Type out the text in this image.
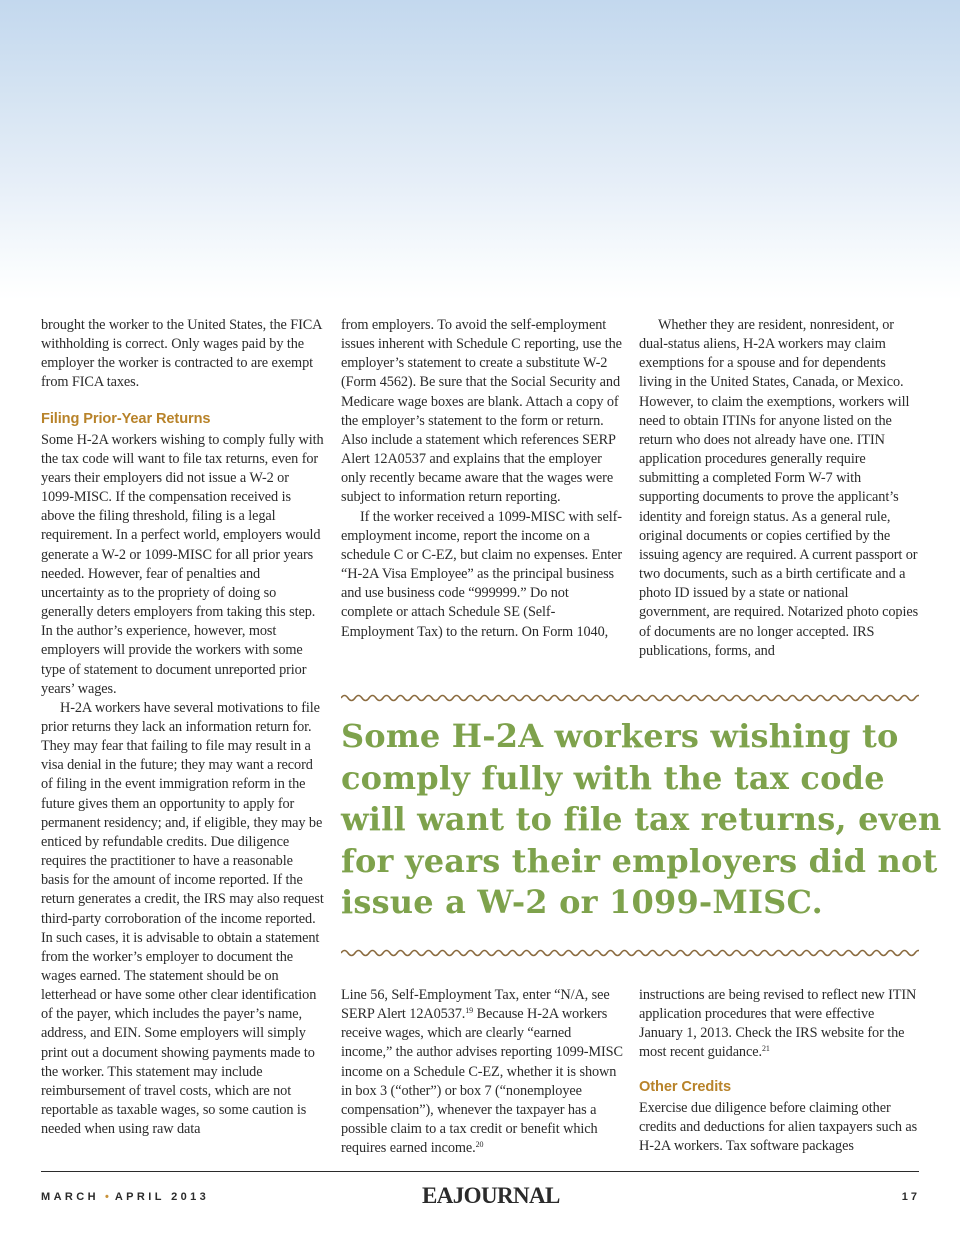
brought the worker to the United States, the FICA withholding is correct. Only wages paid by the employer the worker is contracted to are exempt from FICA taxes.

Filing Prior-Year Returns

Some H-2A workers wishing to comply fully with the tax code will want to file tax returns, even for years their employers did not issue a W-2 or 1099-MISC. If the compensation received is above the filing threshold, filing is a legal requirement. In a perfect world, employers would generate a W-2 or 1099-MISC for all prior years needed. However, fear of penalties and uncertainty as to the propriety of doing so generally deters employers from taking this step. In the author’s experience, however, most employers will provide the workers with some type of statement to document unreported prior years’ wages.

H-2A workers have several motivations to file prior returns they lack an information return for. They may fear that failing to file may result in a visa denial in the future; they may want a record of filing in the event immigration reform in the future gives them an opportunity to apply for permanent residency; and, if eligible, they may be enticed by refundable credits. Due diligence requires the practitioner to have a reasonable basis for the amount of income reported. If the return generates a credit, the IRS may also request third-party corroboration of the income reported. In such cases, it is advisable to obtain a statement from the worker’s employer to document the wages earned. The statement should be on letterhead or have some other clear identification of the payer, which includes the payer’s name, address, and EIN. Some employers will simply print out a document showing payments made to the worker. This statement may include reimbursement of travel costs, which are not reportable as taxable wages, so some caution is needed when using raw data

from employers. To avoid the self-employment issues inherent with Schedule C reporting, use the employer’s statement to create a substitute W-2 (Form 4562). Be sure that the Social Security and Medicare wage boxes are blank. Attach a copy of the employer’s statement to the form or return. Also include a statement which references SERP Alert 12A0537 and explains that the employer only recently became aware that the wages were subject to information return reporting.

If the worker received a 1099-MISC with self-employment income, report the income on a schedule C or C-EZ, but claim no expenses. Enter “H-2A Visa Employee” as the principal business and use business code “999999.” Do not complete or attach Schedule SE (Self-Employment Tax) to the return. On Form 1040,

Whether they are resident, nonresident, or dual-status aliens, H-2A workers may claim exemptions for a spouse and for dependents living in the United States, Canada, or Mexico. However, to claim the exemptions, workers will need to obtain ITINs for anyone listed on the return who does not already have one. ITIN application procedures generally require submitting a completed Form W-7 with supporting documents to prove the applicant’s identity and foreign status. As a general rule, original documents or copies certified by the issuing agency are required. A current passport or two documents, such as a birth certificate and a photo ID issued by a state or national government, are required. Notarized photo copies of documents are no longer accepted. IRS publications, forms, and

Some H-2A workers wishing to
comply fully with the tax code
will want to file tax returns, even
for years their employers did not
issue a W-2 or 1099-MISC.

Line 56, Self-Employment Tax, enter “N/A, see SERP Alert 12A0537.19 Because H-2A workers receive wages, which are clearly “earned income,” the author advises reporting 1099-MISC income on a Schedule C-EZ, whether it is shown in box 3 (“other”) or box 7 (“nonemployee compensation”), whenever the taxpayer has a possible claim to a tax credit or benefit which requires earned income.$^{20}$

instructions are being revised to reflect new ITIN application procedures that were effective January 1, 2013. Check the IRS website for the most recent guidance.$^{21}$

Other Credits

Exercise due diligence before claiming other credits and deductions for alien taxpayers such as H-2A workers. Tax software packages

MARCH • APRIL 2013	EAJOURNAL	17
